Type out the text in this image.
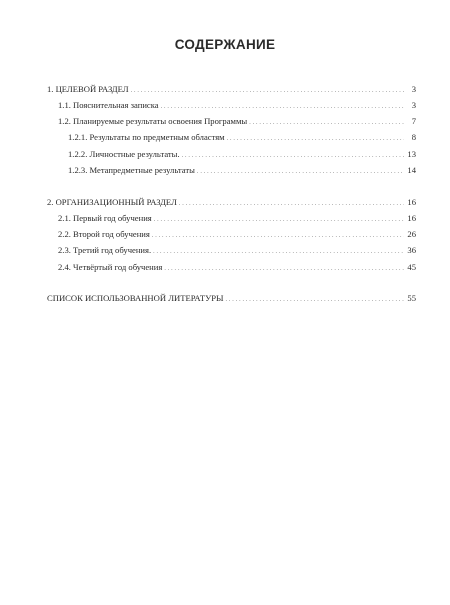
СОДЕРЖАНИЕ
1. ЦЕЛЕВОЙ РАЗДЕЛ . . .	3
1.1. Пояснительная записка . . .	3
1.2. Планируемые результаты освоения Программы . . .	7
1.2.1. Результаты по предметным областям . . .	8
1.2.2. Личностные результаты. . . .	13
1.2.3. Метапредметные результаты . . .	14
2. ОРГАНИЗАЦИОННЫЙ РАЗДЕЛ . . .	16
2.1. Первый год обучения . . .	16
2.2. Второй год обучения . . .	26
2.3. Третий год обучения. . . .	36
2.4. Четвёртый год обучения . . .	45
СПИСОК ИСПОЛЬЗОВАННОЙ ЛИТЕРАТУРЫ . . .	55
